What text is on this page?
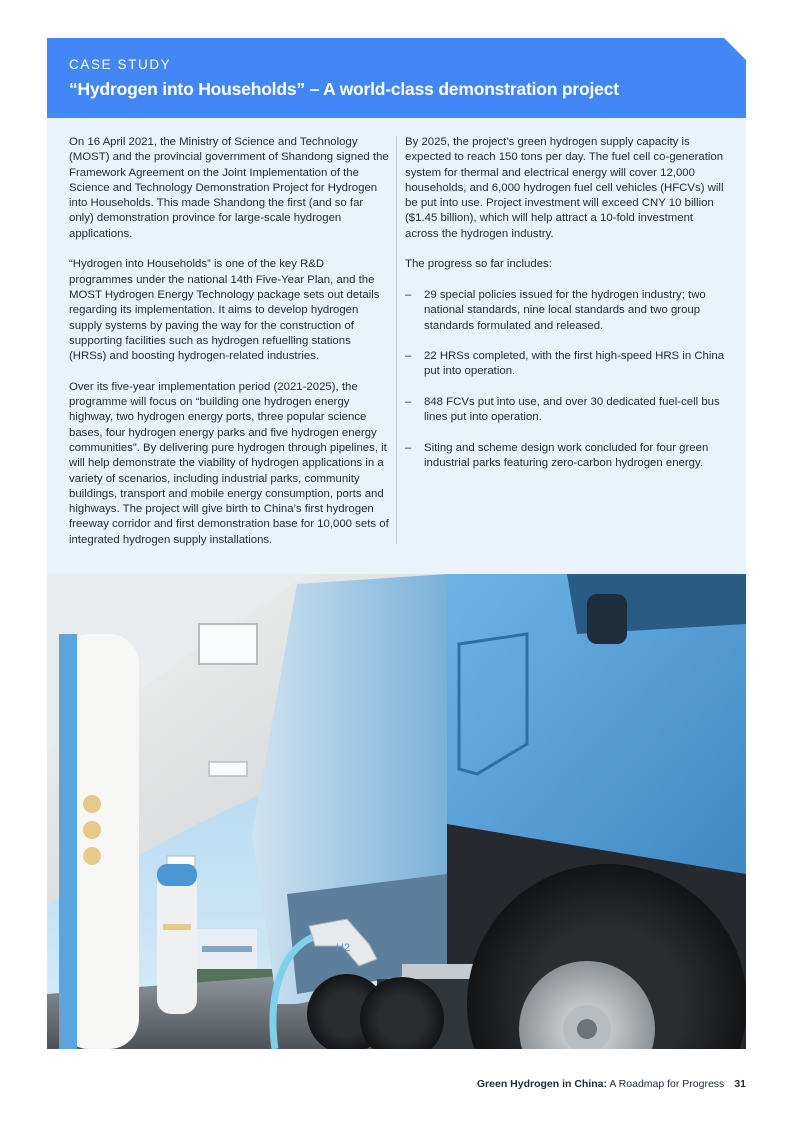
CASE STUDY
“Hydrogen into Households” – A world-class demonstration project

On 16 April 2021, the Ministry of Science and Technology (MOST) and the provincial government of Shandong signed the Framework Agreement on the Joint Implementation of the Science and Technology Demonstration Project for Hydrogen into Households. This made Shandong the first (and so far only) demonstration province for large-scale hydrogen applications.

“Hydrogen into Households” is one of the key R&D programmes under the national 14th Five-Year Plan, and the MOST Hydrogen Energy Technology package sets out details regarding its implementation. It aims to develop hydrogen supply systems by paving the way for the construction of supporting facilities such as hydrogen refuelling stations (HRSs) and boosting hydrogen-related industries.

Over its five-year implementation period (2021-2025), the programme will focus on “building one hydrogen energy highway, two hydrogen energy ports, three popular science bases, four hydrogen energy parks and five hydrogen energy communities”. By delivering pure hydrogen through pipelines, it will help demonstrate the viability of hydrogen applications in a variety of scenarios, including industrial parks, community buildings, transport and mobile energy consumption, ports and highways. The project will give birth to China’s first hydrogen freeway corridor and first demonstration base for 10,000 sets of integrated hydrogen supply installations.

By 2025, the project’s green hydrogen supply capacity is expected to reach 150 tons per day. The fuel cell co-generation system for thermal and electrical energy will cover 12,000 households, and 6,000 hydrogen fuel cell vehicles (HFCVs) will be put into use. Project investment will exceed CNY 10 billion ($1.45 billion), which will help attract a 10-fold investment across the hydrogen industry.

The progress so far includes:

– 29 special policies issued for the hydrogen industry; two national standards, nine local standards and two group standards formulated and released.
– 22 HRSs completed, with the first high-speed HRS in China put into operation.
– 848 FCVs put into use, and over 30 dedicated fuel-cell bus lines put into operation.
– Siting and scheme design work concluded for four green industrial parks featuring zero-carbon hydrogen energy.
H2
Green Hydrogen in China: A Roadmap for Progress 31
